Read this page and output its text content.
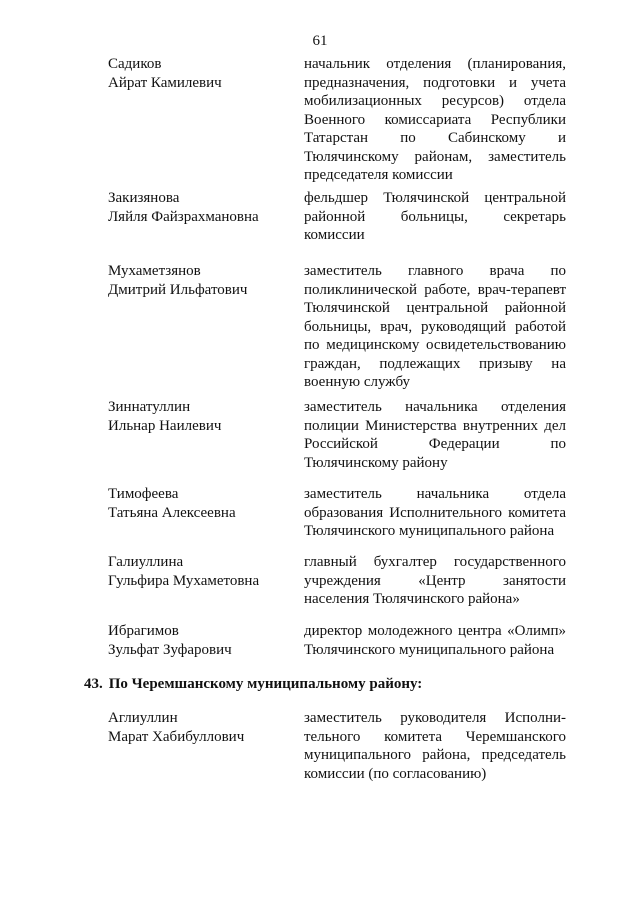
61
Садиков
Айрат Камилевич
начальник отделения (планирования, предназначения, подготовки и учета мобилизационных ресурсов) отдела Военного комиссариата Республики Татарстан по Сабинскому и Тюлячинскому районам, заместитель председателя комиссии
Закизянова
Ляйля Файзрахмановна
фельдшер Тюлячинской центральной районной больницы, секретарь комиссии
Мухаметзянов
Дмитрий Ильфатович
заместитель главного врача по поликлинической работе, врач-терапевт Тюлячинской центральной районной больницы, врач, руководящий работой по медицинскому освидетельствованию граждан, подлежащих призыву на военную службу
Зиннатуллин
Ильнар Наилевич
заместитель начальника отделения полиции Министерства внутренних дел Российской Федерации по Тюлячинскому району
Тимофеева
Татьяна Алексеевна
заместитель начальника отдела образования Исполнительного комитета Тюлячинского муниципального района
Галиуллина
Гульфира Мухаметовна
главный бухгалтер государственного учреждения «Центр занятости населения Тюлячинского района»
Ибрагимов
Зульфат Зуфарович
директор молодежного центра «Олимп» Тюлячинского муниципального района
43. По Черемшанскому муниципальному району:
Аглиуллин
Марат Хабибуллович
заместитель руководителя Исполни-тельного комитета Черемшанского муниципального района, председатель комиссии (по согласованию)
